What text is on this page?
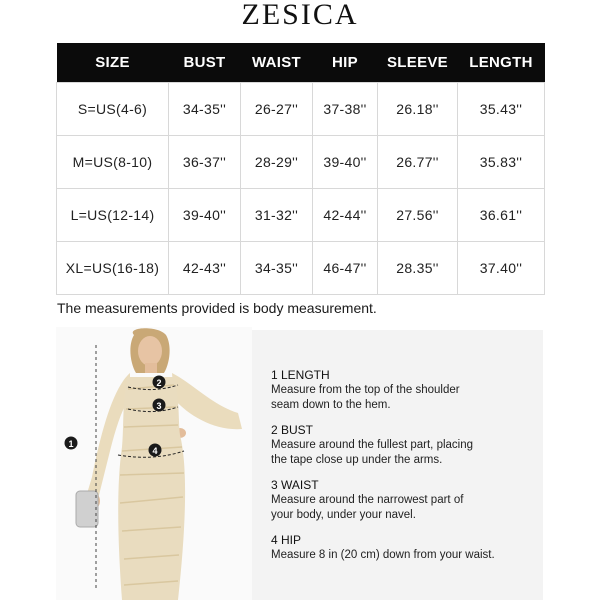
ZESICA
SIZE	BUST	WAIST	HIP	SLEEVE	LENGTH
S=US(4-6)	34-35''	26-27''	37-38''	26.18''	35.43''
M=US(8-10)	36-37''	28-29''	39-40''	26.77''	35.83''
L=US(12-14)	39-40''	31-32''	42-44''	27.56''	36.61''
XL=US(16-18)	42-43''	34-35''	46-47''	28.35''	37.40''
The measurements provided is body measurement.
1
2
3
4
1 LENGTH
Measure from the top of the shoulder
seam down to the hem.
2 BUST
Measure around the fullest part, placing
the tape close up under the arms.
3 WAIST
Measure around the narrowest part of
your body, under your navel.
4 HIP
Measure 8 in (20 cm) down from your waist.
